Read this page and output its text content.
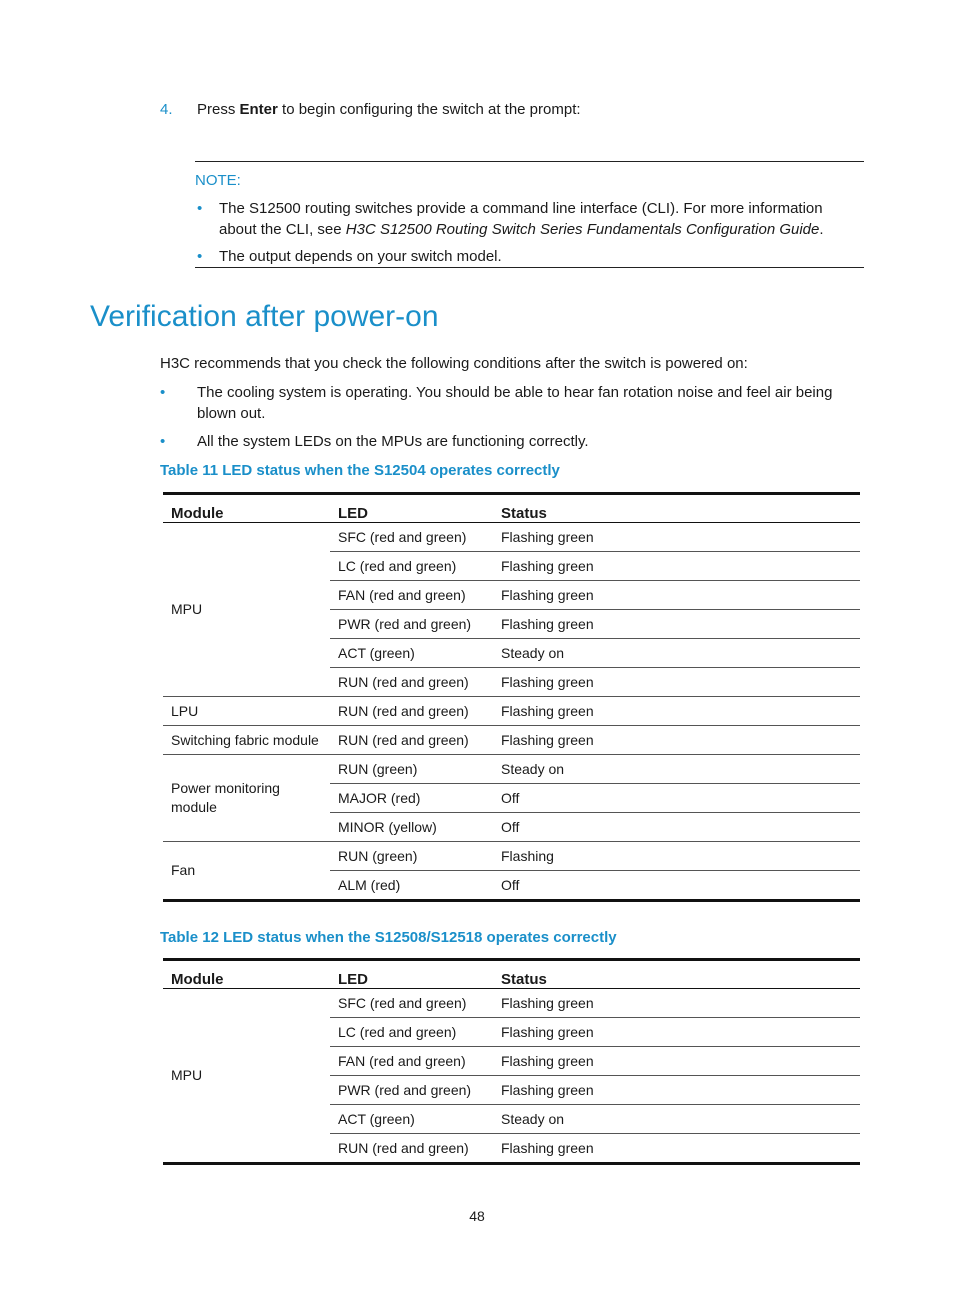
4. Press Enter to begin configuring the switch at the prompt:
NOTE:
• The S12500 routing switches provide a command line interface (CLI). For more information about the CLI, see H3C S12500 Routing Switch Series Fundamentals Configuration Guide.
• The output depends on your switch model.
Verification after power-on
H3C recommends that you check the following conditions after the switch is powered on:
• The cooling system is operating. You should be able to hear fan rotation noise and feel air being blown out.
• All the system LEDs on the MPUs are functioning correctly.
Table 11 LED status when the S12504 operates correctly
Module	LED	Status
MPU	SFC (red and green)	Flashing green
	LC (red and green)	Flashing green
	FAN (red and green)	Flashing green
	PWR (red and green)	Flashing green
	ACT (green)	Steady on
	RUN (red and green)	Flashing green
LPU	RUN (red and green)	Flashing green
Switching fabric module	RUN (red and green)	Flashing green
Power monitoring module	RUN (green)	Steady on
	MAJOR (red)	Off
	MINOR (yellow)	Off
Fan	RUN (green)	Flashing
	ALM (red)	Off
Table 12 LED status when the S12508/S12518 operates correctly
Module	LED	Status
MPU	SFC (red and green)	Flashing green
	LC (red and green)	Flashing green
	FAN (red and green)	Flashing green
	PWR (red and green)	Flashing green
	ACT (green)	Steady on
	RUN (red and green)	Flashing green
48
